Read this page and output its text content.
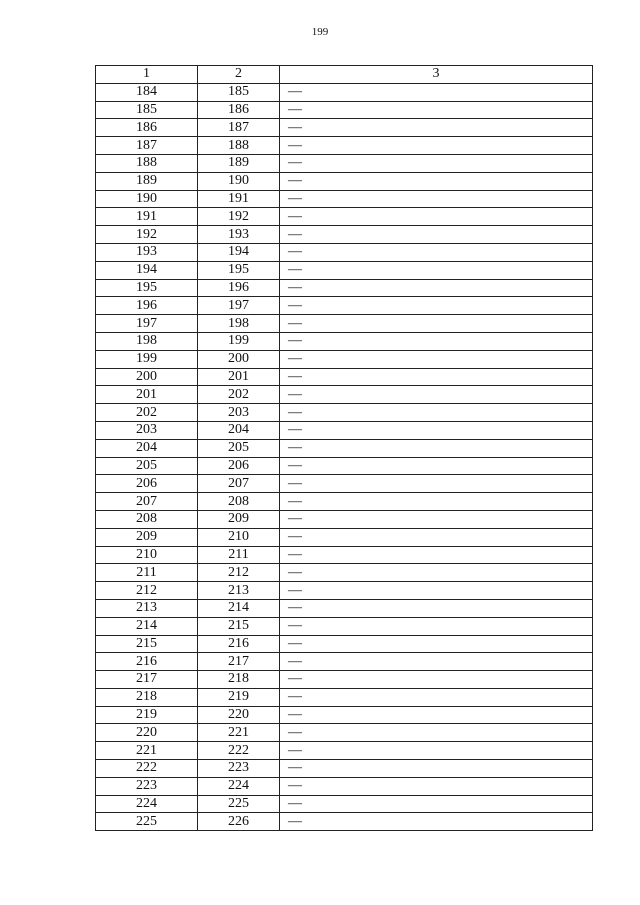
199
1	2	3
184	185	—
185	186	—
186	187	—
187	188	—
188	189	—
189	190	—
190	191	—
191	192	—
192	193	—
193	194	—
194	195	—
195	196	—
196	197	—
197	198	—
198	199	—
199	200	—
200	201	—
201	202	—
202	203	—
203	204	—
204	205	—
205	206	—
206	207	—
207	208	—
208	209	—
209	210	—
210	211	—
211	212	—
212	213	—
213	214	—
214	215	—
215	216	—
216	217	—
217	218	—
218	219	—
219	220	—
220	221	—
221	222	—
222	223	—
223	224	—
224	225	—
225	226	—
